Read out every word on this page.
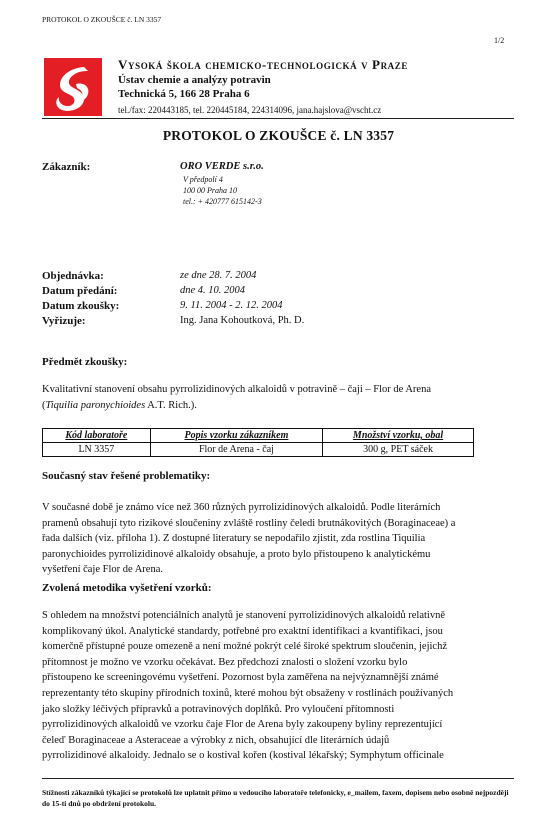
PROTOKOL O ZKOUŠCE č. LN 3357
1/2
Vysoká škola chemicko-technologická v Praze
Ústav chemie a analýzy potravin
Technická 5, 166 28 Praha 6
tel./fax: 220443185, tel. 220445184, 224314096, jana.hajslova@vscht.cz
PROTOKOL O ZKOUŠCE č. LN 3357
Zákazník:	ORO VERDE s.r.o.
V předpolí 4
100 00 Praha 10
tel.: + 420777 615142-3
Objednávka:	ze dne 28. 7. 2004
Datum předání:	dne 4. 10. 2004
Datum zkoušky:	9. 11. 2004 - 2. 12. 2004
Vyřizuje:	Ing. Jana Kohoutková, Ph. D.
Předmět zkoušky:
Kvalitativní stanovení obsahu pyrrolizidinových alkaloidů v potravině – čaji – Flor de Arena
(Tiquilia paronychioides A.T. Rich.).
Kód laboratoře	Popis vzorku zákazníkem	Množství vzorku, obal
LN 3357	Flor de Arena - čaj	300 g, PET sáček
Současný stav řešené problematiky:
V současné době je známo více než 360 různých pyrrolizidinových alkaloidů. Podle literárních
pramenů obsahují tyto rizikové sloučeniny zvláště rostliny čeledi brutnákovitých (Boraginaceae) a
řada dalších (viz. příloha 1). Z dostupné literatury se nepodařilo zjistit, zda rostlina Tiquilia
paronychioides pyrrolizidinové alkaloidy obsahuje, a proto bylo přistoupeno k analytickému
vyšetření čaje Flor de Arena.
Zvolená metodika vyšetření vzorků:
S ohledem na množství potenciálních analytů je stanovení pyrrolizidinových alkaloidů relativně
komplikovaný úkol. Analytické standardy, potřebné pro exaktní identifikaci a kvantifikaci, jsou
komerčně přístupné pouze omezeně a není možné pokrýt celé široké spektrum sloučenin, jejichž
přítomnost je možno ve vzorku očekávat. Bez předchozí znalosti o složení vzorku bylo
přistoupeno ke screeningovému vyšetření. Pozornost byla zaměřena na nejvýznamnější známé
reprezentanty této skupiny přírodních toxinů, které mohou být obsaženy v rostlinách používaných
jako složky léčivých přípravků a potravinových doplňků. Pro vyloučení přítomnosti
pyrrolizidinových alkaloidů ve vzorku čaje Flor de Arena byly zakoupeny byliny reprezentující
čeleď Boraginaceae a Asteraceae a výrobky z nich, obsahující dle literárních údajů
pyrrolizidinové alkaloidy. Jednalo se o kostival kořen (kostival lékařský; Symphytum officinale
Stížnosti zákazníků týkající se protokolů lze uplatnit přímo u vedoucího laboratoře telefonicky, e_mailem, faxem, dopisem nebo osobně nejpozději do 15-ti dnů po obdržení protokolu.
